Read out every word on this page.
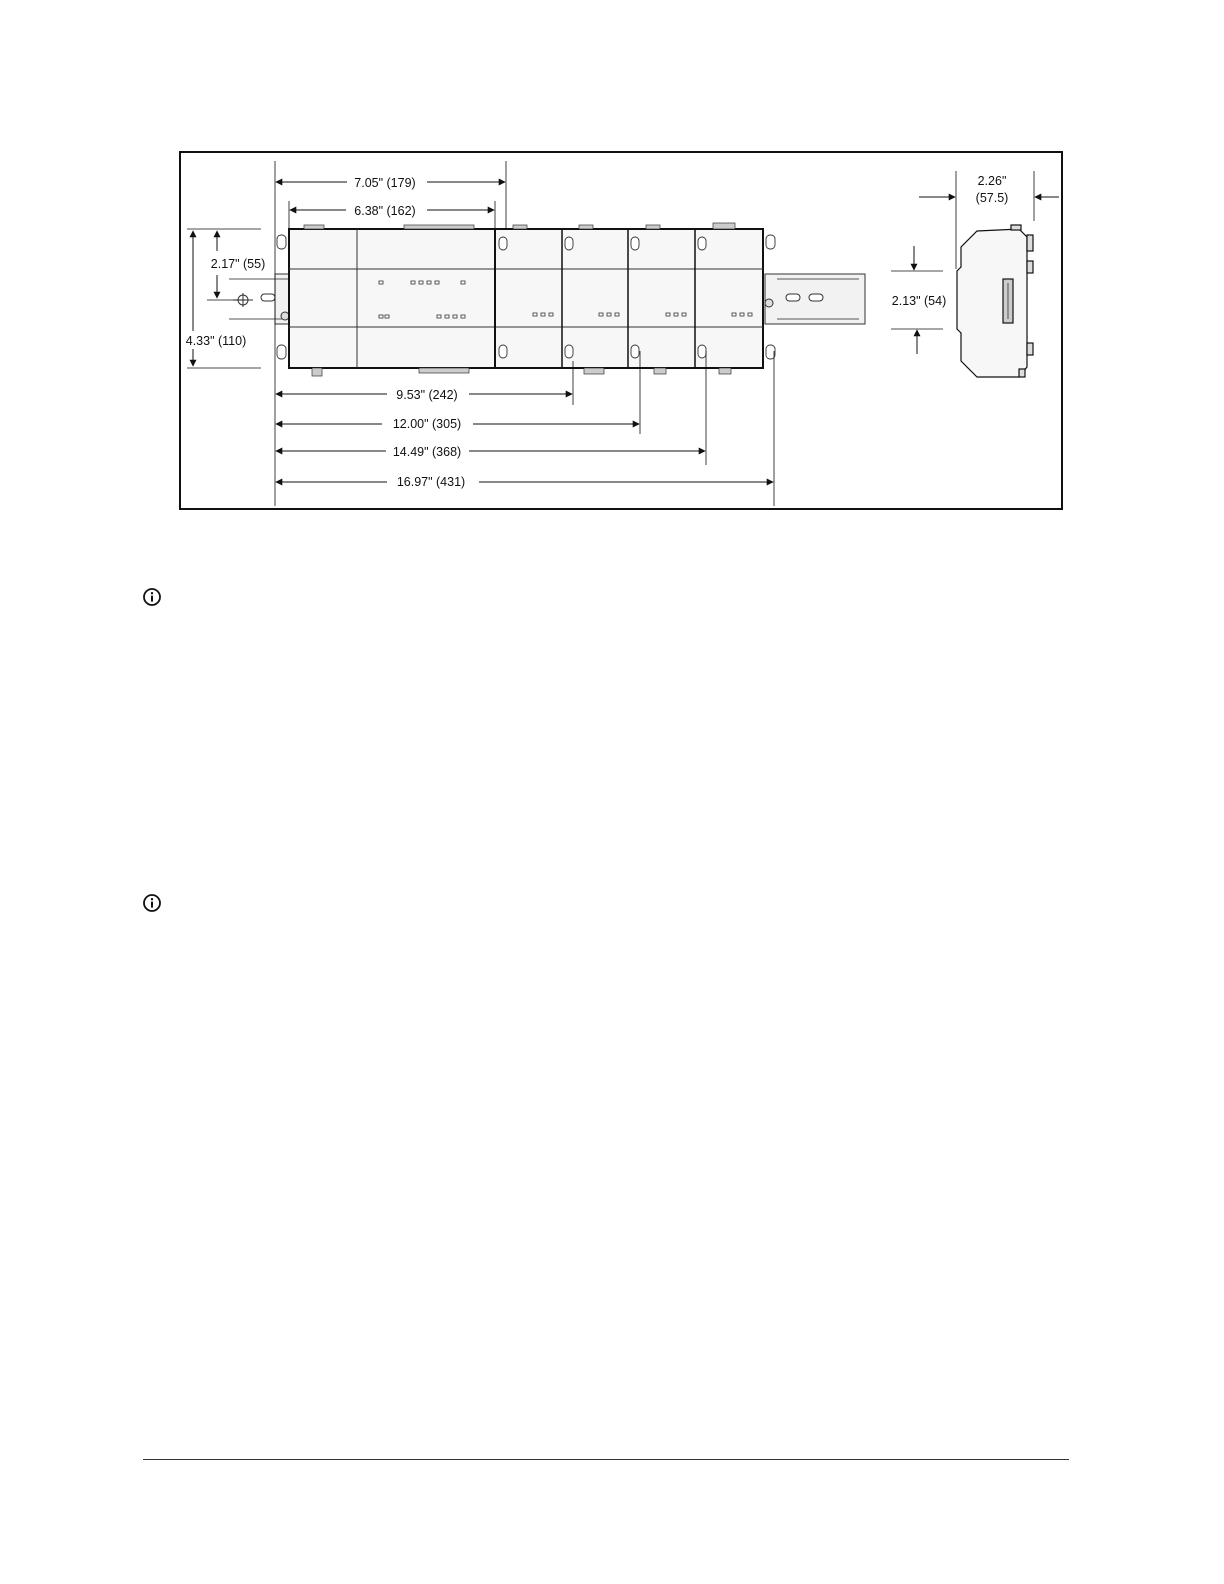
7.05" (179)
6.38" (162)
2.17" (55)
4.33" (110)
9.53" (242)
12.00" (305)
14.49" (368)
16.97" (431)
2.26"
(57.5)
2.13" (54)
